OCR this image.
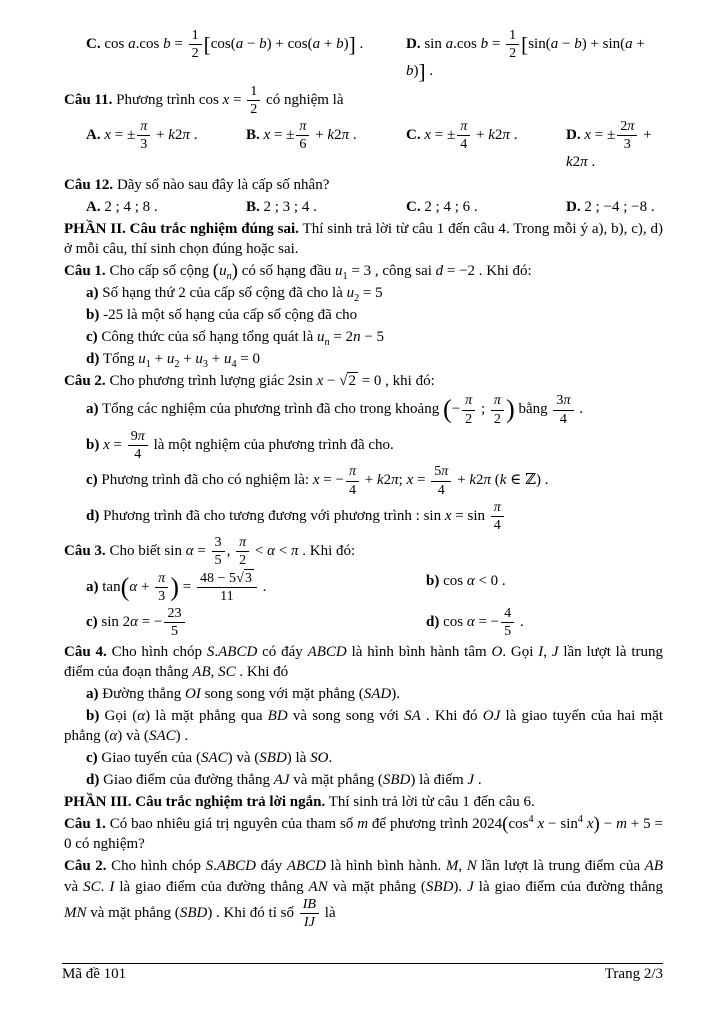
C. cos a.cos $b = \frac{1}{2} [\cos(a - b) + \cos(a + b)]$ .	D. sin a.cos $b = \frac{1}{2} [\sin(a - b) + \sin(a + b)]$ .
Câu 11. Phương trình $\cos x = \frac{1}{2}$ có nghiệm là
A. x = ± $\frac{\pi}{3} + k2\pi$ .	B. x = ± $\frac{\pi}{6} + k2\pi$ .	C. x = ± $\frac{\pi}{4} + k2\pi$ .	D. x = ± $\frac{2\pi}{3} + k2\pi$ .
Câu 12. Dãy số nào sau đây là cấp số nhân?
A. 2 ; 4 ; 8 .	B. 2 ; 3 ; 4 .	C. 2 ; 4 ; 6 .	D. 2 ; −4 ; −8 .
PHẦN II. Câu trắc nghiệm đúng sai. Thí sinh trả lời từ câu 1 đến câu 4. Trong mỗi ý a), b), c), d) ở mỗi câu, thí sinh chọn đúng hoặc sai.
Câu 1. Cho cấp số cộng $(u_n)$ có số hạng đầu $u_1 = 3$ , công sai d = −2 . Khi đó:
a) Số hạng thứ 2 của cấp số cộng đã cho là $u_2 = 5$
b) -25 là một số hạng của cấp số cộng đã cho
c) Công thức của số hạng tổng quát là $u_n = 2n - 5$
d) Tổng $u_1 + u_2 + u_3 + u_4 = 0$
Câu 2. Cho phương trình lượng giác 2sin x − √2 = 0 , khi đó:
a) Tổng các nghiệm của phương trình đã cho trong khoảng (− $\frac{\pi}{2}$ ; $\frac{\pi}{2}$ ) bằng $\frac{3\pi}{4}$ .
b) $x = \frac{9\pi}{4}$ là một nghiệm của phương trình đã cho.
c) Phương trình đã cho có nghiệm là: x = − $\frac{\pi}{4} + k2\pi$; $x = \frac{5\pi}{4} + k2\pi$ (k ∈ ℤ) .
d) Phương trình đã cho tương đương với phương trình : $\sin x = \sin \frac{\pi}{4}$
Câu 3. Cho biết $\sin \alpha = \frac{3}{5}$ , $\frac{\pi}{2} < \alpha < \pi$ . Khi đó:
a) $\tan(\alpha + \frac{\pi}{3}$ ) = $\frac{48 - 5√3}{11}$ .	b) cos α < 0 .
c) sin 2α = − $\frac{23}{5}$	d) cos α = − $\frac{4}{5}$ .
Câu 4. Cho hình chóp S.ABCD có đáy ABCD là hình bình hành tâm O. Gọi I, J lần lượt là trung điểm của đoạn thẳng AB, SC . Khi đó
a) Đường thẳng OI song song với mặt phẳng (SAD).
b) Gọi (α) là mặt phẳng qua BD và song song với SA . Khi đó OJ là giao tuyến của hai mặt phẳng (α) và (SAC) .
c) Giao tuyến của (SAC) và (SBD) là SO.
d) Giao điểm của đường thẳng AJ và mặt phẳng (SBD) là điểm J .
PHẦN III. Câu trắc nghiệm trả lời ngắn. Thí sinh trả lời từ câu 1 đến câu 6.
Câu 1. Có bao nhiêu giá trị nguyên của tham số m để phương trình $2024(\cos^4$ $x - \sin^4 x) - m + 5 = 0$ có nghiệm?
Câu 2. Cho hình chóp S.ABCD đáy ABCD là hình bình hành. M, N lần lượt là trung điểm của AB và SC. I là giao điểm của đường thẳng AN và mặt phẳng (SBD). J là giao điểm của đường thẳng MN và mặt phẳng (SBD) . Khi đó tỉ số $\frac{IB}{IJ}$ là
Mã đề 101	Trang 2/3
